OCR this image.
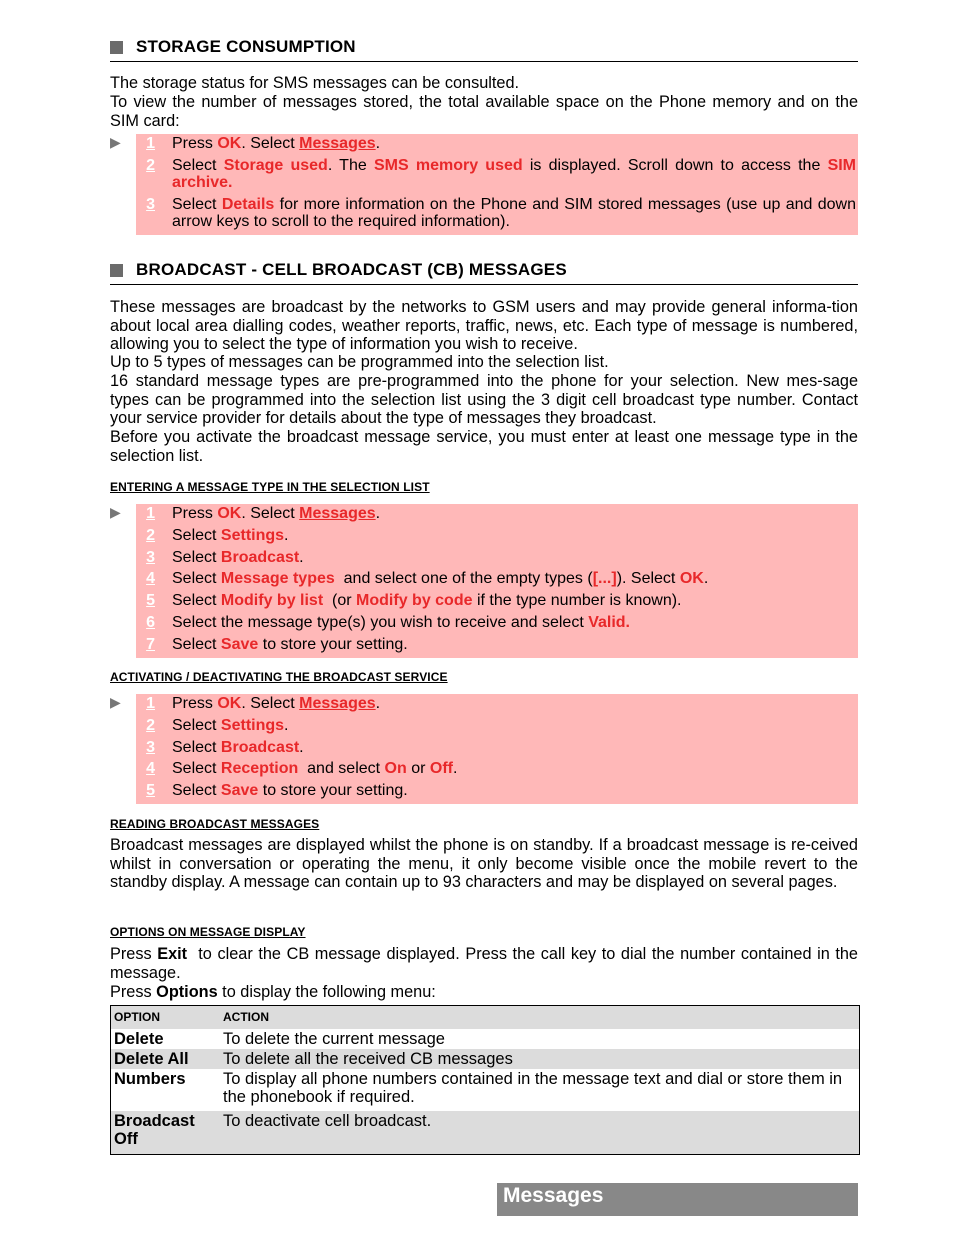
STORAGE CONSUMPTION
The storage status for SMS messages can be consulted.
To view the number of messages stored, the total available space on the Phone memory and on the SIM card:
▶	1 Press OK. Select Messages.
2 Select Storage used. The SMS memory used is displayed. Scroll down to access the SIM archive.
3 Select Details for more information on the Phone and SIM stored messages (use up and down arrow keys to scroll to the required information).
BROADCAST - CELL BROADCAST (CB) MESSAGES
These messages are broadcast by the networks to GSM users and may provide general informa-tion about local area dialling codes, weather reports, traffic, news, etc. Each type of message is numbered, allowing you to select the type of information you wish to receive.
Up to 5 types of messages can be programmed into the selection list.
16 standard message types are pre-programmed into the phone for your selection. New mes-sage types can be programmed into the selection list using the 3 digit cell broadcast type number. Contact your service provider for details about the type of messages they broadcast.
Before you activate the broadcast message service, you must enter at least one message type in the selection list.
ENTERING A MESSAGE TYPE IN THE SELECTION LIST
▶	1 Press OK. Select Messages.
2 Select Settings.
3 Select Broadcast.
4 Select Message types  and select one of the empty types ([...]). Select OK.
5 Select Modify by list  (or Modify by code if the type number is known).
6 Select the message type(s) you wish to receive and select Valid.
7 Select Save to store your setting.
ACTIVATING / DEACTIVATING THE BROADCAST SERVICE
▶	1 Press OK. Select Messages.
2 Select Settings.
3 Select Broadcast.
4 Select Reception  and select On or Off.
5 Select Save to store your setting.
READING BROADCAST MESSAGES
Broadcast messages are displayed whilst the phone is on standby. If a broadcast message is re-ceived whilst in conversation or operating the menu, it only become visible once the mobile revert to the standby display. A message can contain up to 93 characters and may be displayed on several pages.
OPTIONS ON MESSAGE DISPLAY
Press Exit  to clear the CB message displayed. Press the call key to dial the number contained in the message.
Press Options to display the following menu:
OPTION	ACTION
Delete	To delete the current message
Delete All	To delete all the received CB messages
Numbers	To display all phone numbers contained in the message text and dial or store them in the phonebook if required.
Broadcast Off	To deactivate cell broadcast.
Messages
